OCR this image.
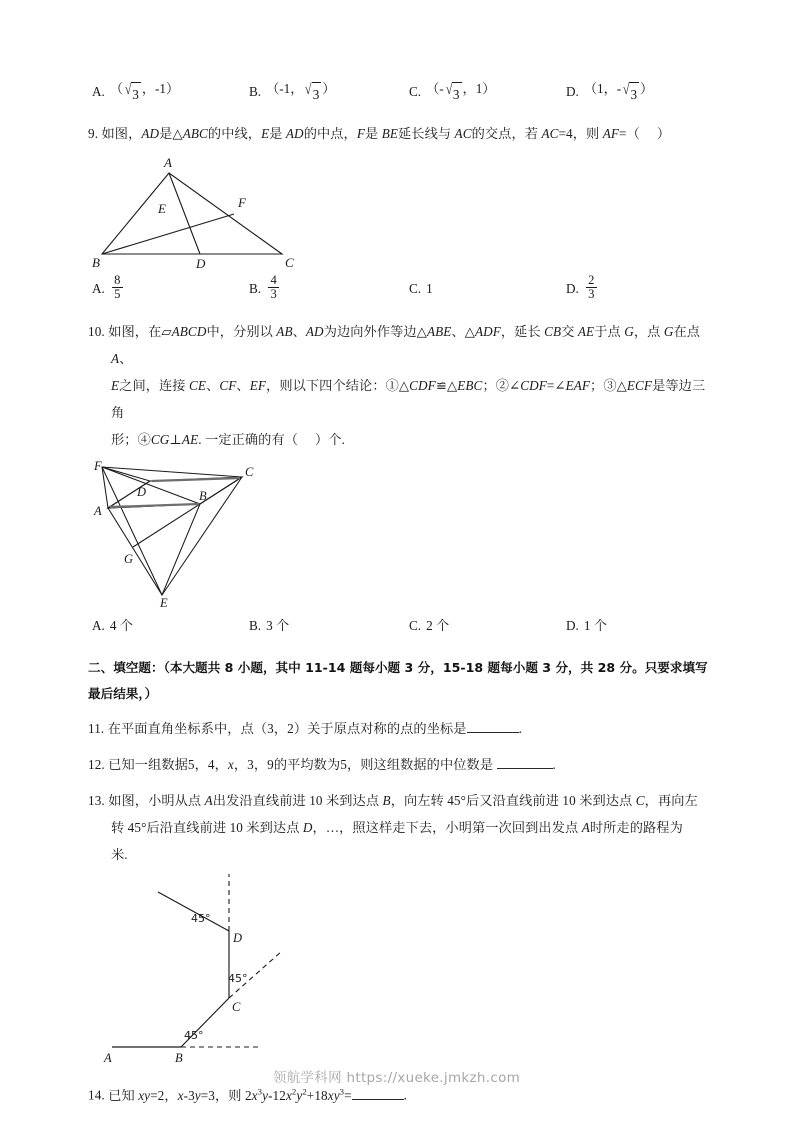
A. （ √ 3 ，-1）	B. （-1， √ 3 ）	C. （- √ 3 ，1）	D. （1，- √ 3 ）
9. 如图，AD是△ABC的中线，E是 AD的中点，F是 BE延长线与 AC的交点，若 AC=4，则 AF=（     ）
A
B	C
D
E	F
A. $\frac{8}{5}$	B. $\frac{4}{3}$	C. 1	D. $\frac{2}{3}$
10. 如图，在▱ABCD中，分别以 AB、AD为边向外作等边△ABE、△ADF，延长 CB交 AE于点 G，点 G在点 A、
E之间，连接 CE、CF、EF，则以下四个结论：①△CDF≌△EBC；②∠CDF=∠EAF；③△ECF是等边三角
形；④CG⊥AE. 一定正确的有（     ）个.
F
A
D	B
C
G
E
A. 4 个	B. 3 个	C. 2 个	D. 1 个
二、填空题：（本大题共 8 小题，其中 11-14 题每小题 3 分，15-18 题每小题 3 分，共 28 分。只要求填写
最后结果，）
11. 在平面直角坐标系中，点（3，2）关于原点对称的点的坐标是	.
12. 已知一组数据5，4，x，3，9的平均数为5，则这组数据的中位数是	.
13. 如图，小明从点 A出发沿直线前进 10 米到达点 B，向左转 45°后又沿直线前进 10 米到达点 C，再向左
转 45°后沿直线前进 10 米到达点 D，…，照这样走下去，小明第一次回到出发点 A时所走的路程为
米.
45°
45°
45°
A	B
C
D
14. 已知 xy=2，x-3y=3，则 $2x^3y-12x^2y^2+18xy^3=$	.
领航学科网 https://xueke.jmkzh.com
